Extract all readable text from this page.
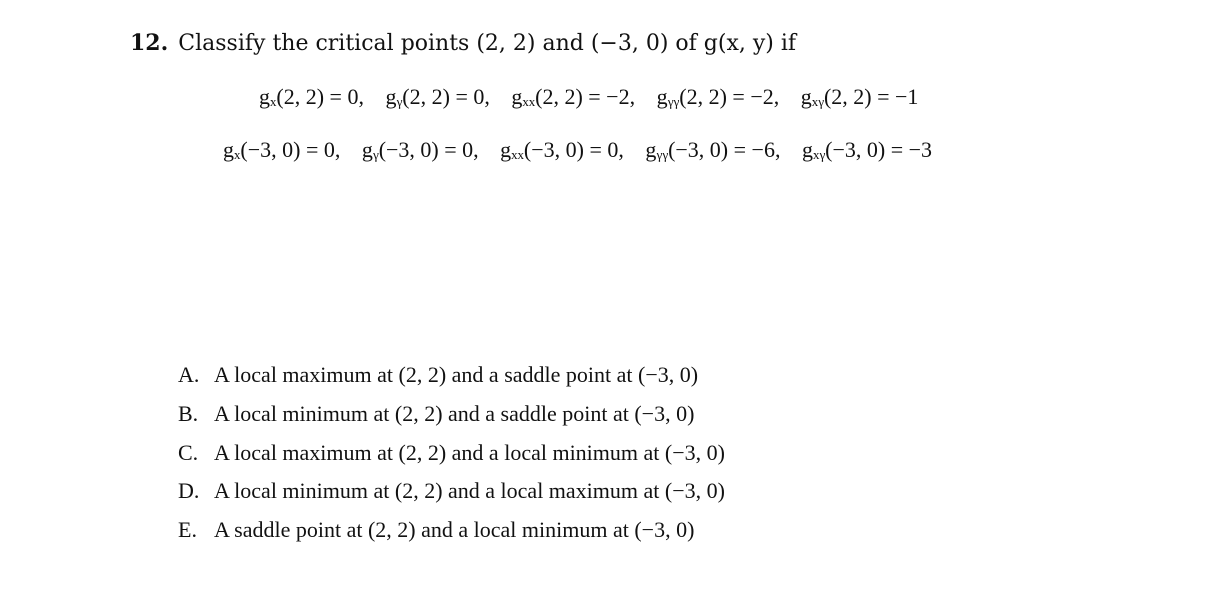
12. Classify the critical points (2, 2) and (−3, 0) of g(x, y) if
gₓ(2, 2) = 0, gᵧ(2, 2) = 0, gₓₓ(2, 2) = −2, gᵧᵧ(2, 2) = −2, gₓᵧ(2, 2) = −1
gₓ(−3, 0) = 0, gᵧ(−3, 0) = 0, gₓₓ(−3, 0) = 0, gᵧᵧ(−3, 0) = −6, gₓᵧ(−3, 0) = −3
A. A local maximum at (2, 2) and a saddle point at (−3, 0)
B. A local minimum at (2, 2) and a saddle point at (−3, 0)
C. A local maximum at (2, 2) and a local minimum at (−3, 0)
D. A local minimum at (2, 2) and a local maximum at (−3, 0)
E. A saddle point at (2, 2) and a local minimum at (−3, 0)
